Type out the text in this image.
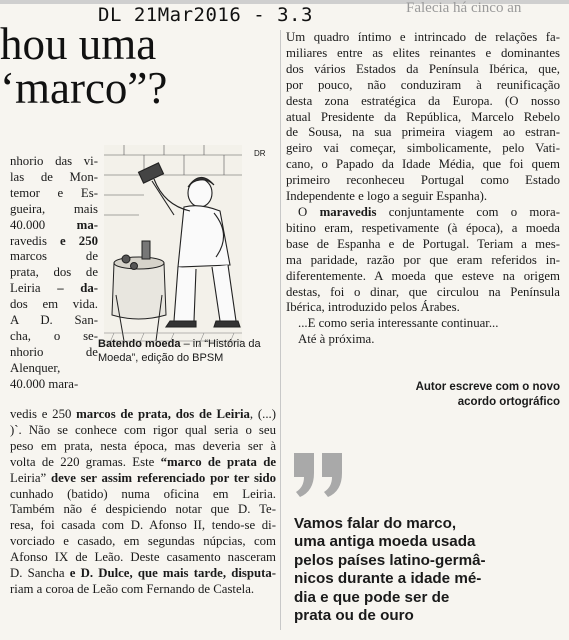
Falecia há cinco an
DL 21Mar2016 - 3.3
hou uma
‘marco”?
nhorio das vi-
las de Mon-
temor e Es-
gueira, mais
40.000 ma-
ravedis e 250
marcos de
prata, dos de
Leiria – da-
dos em vida.
A D. San-
cha, o se-
nhorio de
Alenquer,
40.000 mara-
DR
Batendo moeda – in “História da Moeda”, edição do BPSM
vedis e 250 marcos de prata, dos de Leiria, (...)
)`. Não se conhece com rigor qual seria o seu
peso em prata, nesta época, mas deveria ser à
volta de 220 gramas. Este “marco de prata de
Leiria” deve ser assim referenciado por ter sido
cunhado (batido) numa oficina em Leiria.
Também não é despiciendo notar que D. Te-
resa, foi casada com D. Afonso II, tendo-se di-
vorciado e casado, em segundas núpcias, com
Afonso IX de Leão. Deste casamento nasceram
D. Sancha e D. Dulce, que mais tarde, disputa-
riam a coroa de Leão com Fernando de Castela.
Um quadro íntimo e intrincado de relações fa-
miliares entre as elites reinantes e dominantes
dos vários Estados da Península Ibérica, que,
por pouco, não conduziram à reunificação
desta zona estratégica da Europa. (O nosso
atual Presidente da República, Marcelo Rebelo
de Sousa, na sua primeira viagem ao estran-
geiro vai começar, simbolicamente, pelo Vati-
cano, o Papado da Idade Média, que foi quem
primeiro reconheceu Portugal como Estado
Independente e logo a seguir Espanha).
O maravedis conjuntamente com o mora-
bitino eram, respetivamente (à época), a moeda
base de Espanha e de Portugal. Teriam a mes-
ma paridade, razão por que eram referidos in-
diferentemente. A moeda que esteve na origem
destas, foi o dinar, que circulou na Península
Ibérica, introduzido pelos Árabes.
...E como seria interessante continuar...
Até à próxima.
Autor escreve com o novo
acordo ortográfico
Vamos falar do marco,
uma antiga moeda usada
pelos países latino-germâ-
nicos durante a idade mé-
dia e que pode ser de
prata ou de ouro
